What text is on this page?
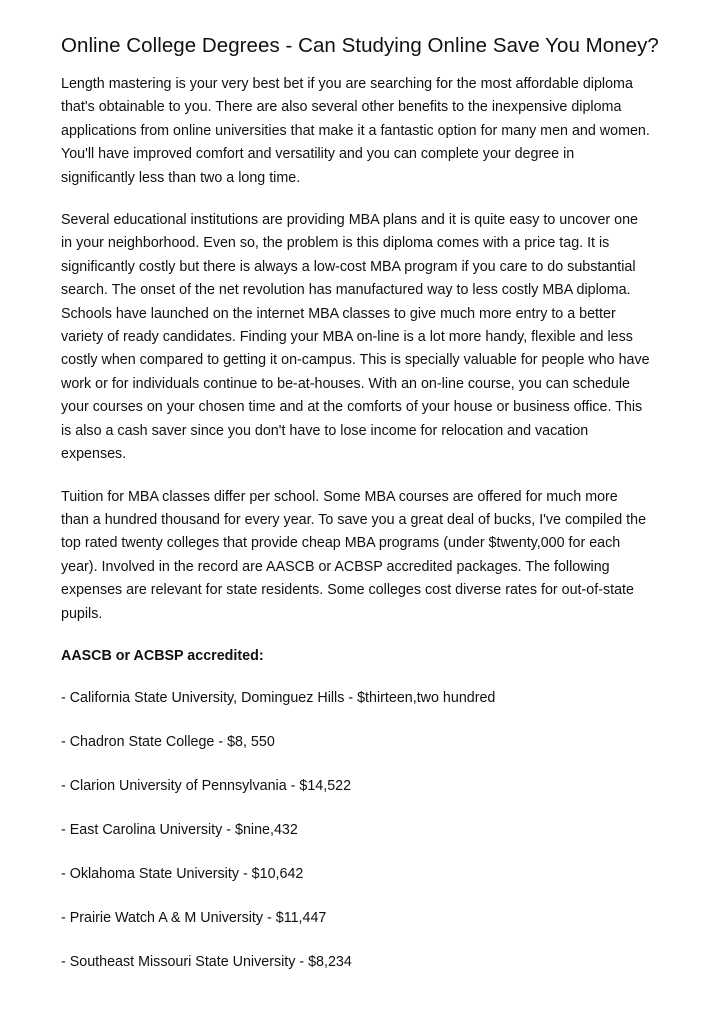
Online College Degrees - Can Studying Online Save You Money?
Length mastering is your very best bet if you are searching for the most affordable diploma
that's obtainable to you. There are also several other benefits to the inexpensive diploma
applications from online universities that make it a fantastic option for many men and women.
You'll have improved comfort and versatility and you can complete your degree in
significantly less than two a long time.
Several educational institutions are providing MBA plans and it is quite easy to uncover one
in your neighborhood. Even so, the problem is this diploma comes with a price tag. It is
significantly costly but there is always a low-cost MBA program if you care to do substantial
search. The onset of the net revolution has manufactured way to less costly MBA diploma.
Schools have launched on the internet MBA classes to give much more entry to a better
variety of ready candidates. Finding your MBA on-line is a lot more handy, flexible and less
costly when compared to getting it on-campus. This is specially valuable for people who have
work or for individuals continue to be-at-houses. With an on-line course, you can schedule
your courses on your chosen time and at the comforts of your house or business office. This
is also a cash saver since you don't have to lose income for relocation and vacation
expenses.
Tuition for MBA classes differ per school. Some MBA courses are offered for much more
than a hundred thousand for every year. To save you a great deal of bucks, I've compiled the
top rated twenty colleges that provide cheap MBA programs (under $twenty,000 for each
year). Involved in the record are AASCB or ACBSP accredited packages. The following
expenses are relevant for state residents. Some colleges cost diverse rates for out-of-state
pupils.
AASCB or ACBSP accredited:
- California State University, Dominguez Hills - $thirteen,two hundred
- Chadron State College - $8, 550
- Clarion University of Pennsylvania - $14,522
- East Carolina University - $nine,432
- Oklahoma State University - $10,642
- Prairie Watch A & M University - $11,447
- Southeast Missouri State University - $8,234
